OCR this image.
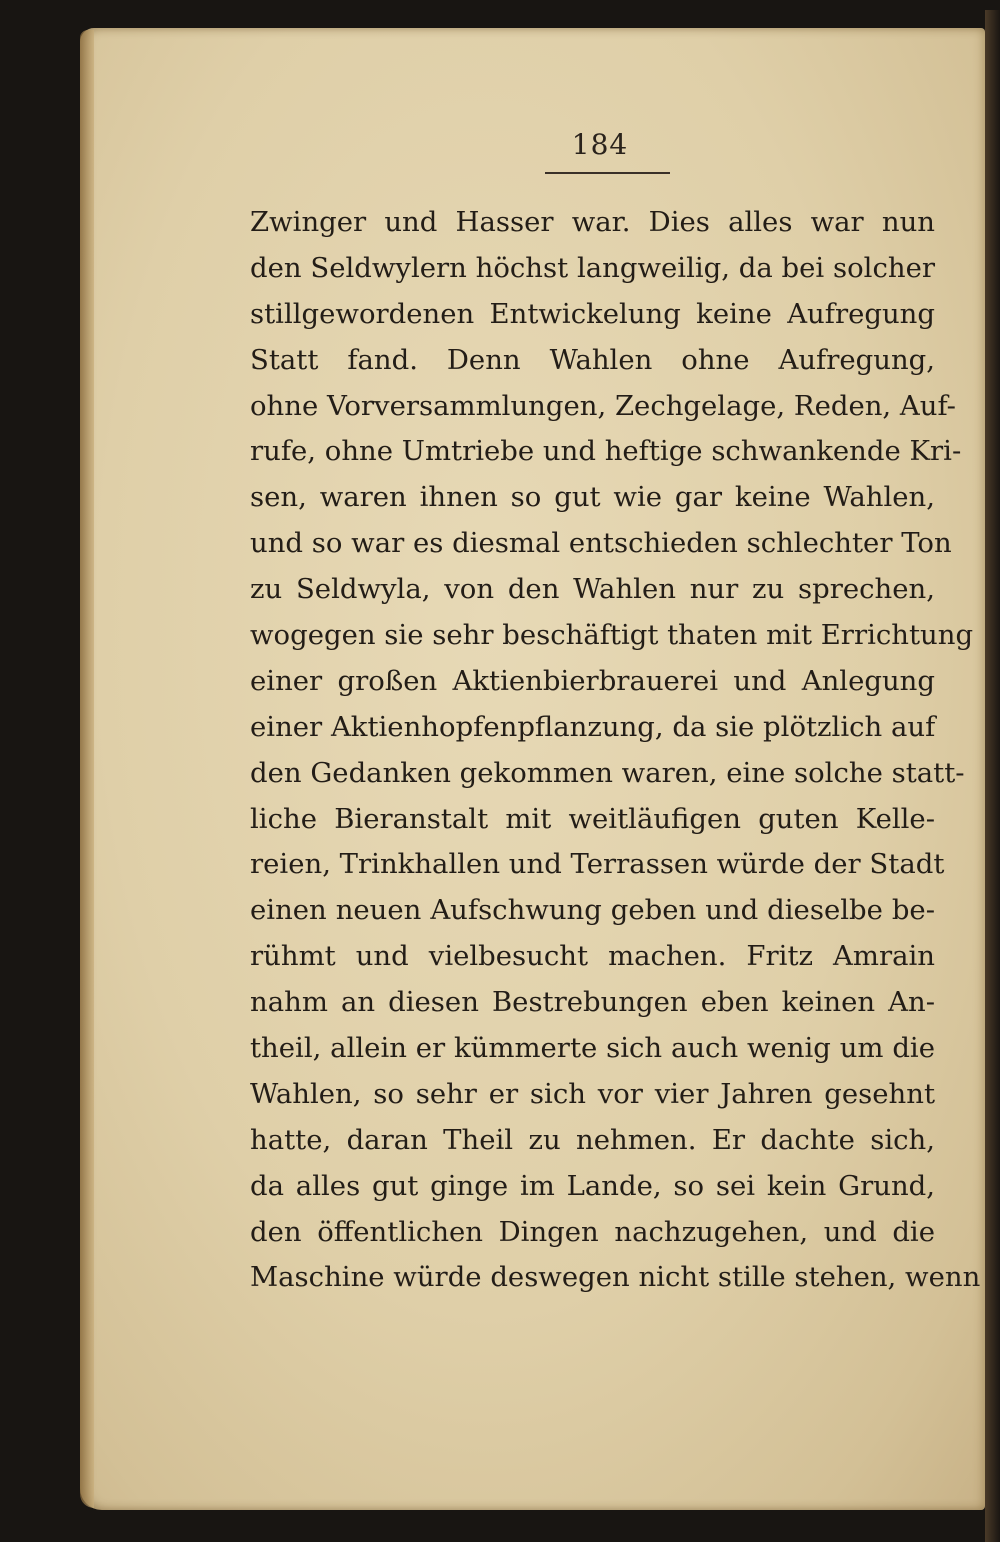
184
Zwinger und Hasser war. Dies alles war nun
den Seldwylern höchst langweilig, da bei solcher
stillgewordenen Entwickelung keine Aufregung
Statt fand. Denn Wahlen ohne Aufregung,
ohne Vorversammlungen, Zechgelage, Reden, Auf-
rufe, ohne Umtriebe und heftige schwankende Kri-
sen, waren ihnen so gut wie gar keine Wahlen,
und so war es diesmal entschieden schlechter Ton
zu Seldwyla, von den Wahlen nur zu sprechen,
wogegen sie sehr beschäftigt thaten mit Errichtung
einer großen Aktienbierbrauerei und Anlegung
einer Aktienhopfenpflanzung, da sie plötzlich auf
den Gedanken gekommen waren, eine solche statt-
liche Bieranstalt mit weitläufigen guten Kelle-
reien, Trinkhallen und Terrassen würde der Stadt
einen neuen Aufschwung geben und dieselbe be-
rühmt und vielbesucht machen. Fritz Amrain
nahm an diesen Bestrebungen eben keinen An-
theil, allein er kümmerte sich auch wenig um die
Wahlen, so sehr er sich vor vier Jahren gesehnt
hatte, daran Theil zu nehmen. Er dachte sich,
da alles gut ginge im Lande, so sei kein Grund,
den öffentlichen Dingen nachzugehen, und die
Maschine würde deswegen nicht stille stehen, wenn
